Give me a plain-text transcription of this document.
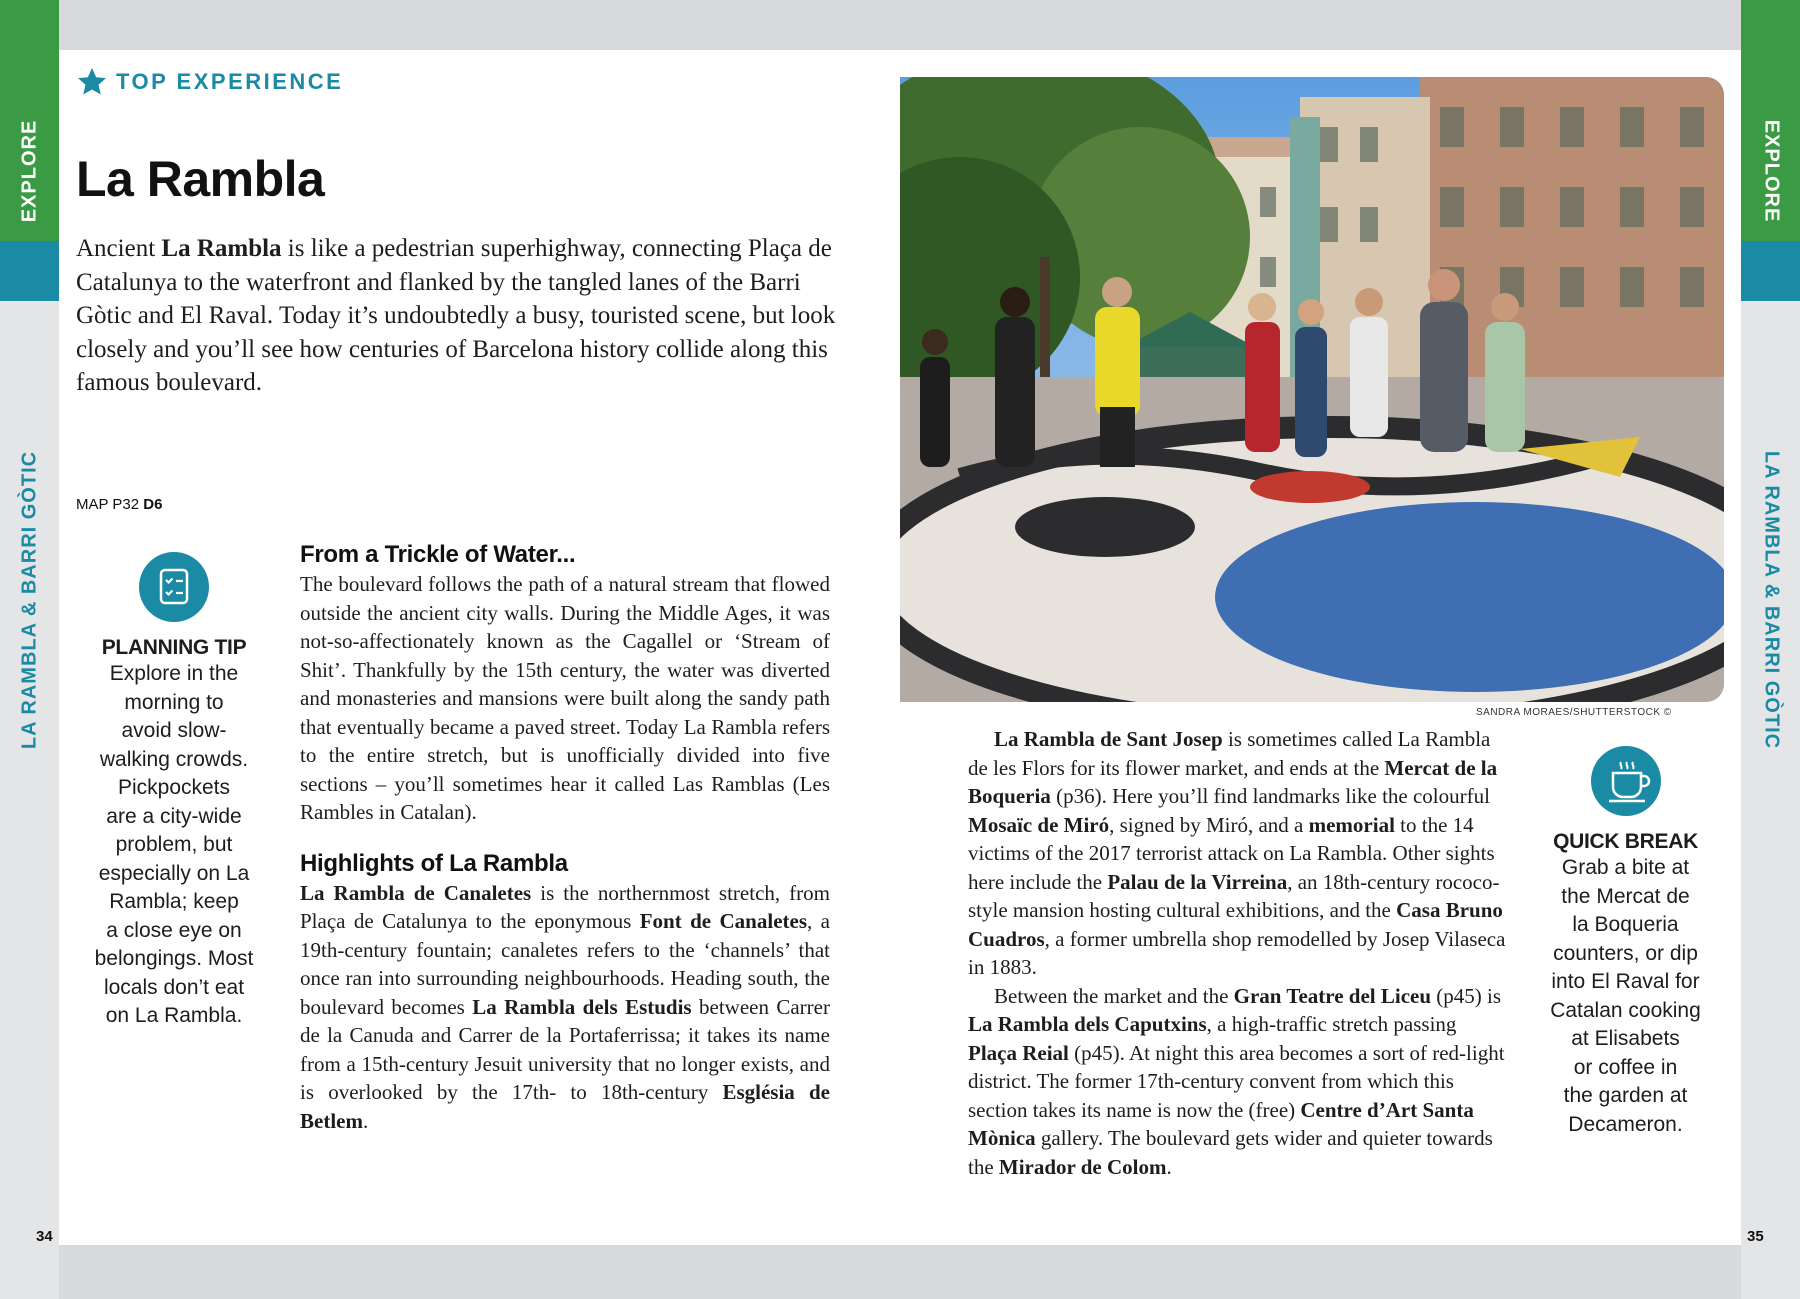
EXPLORE
LA RAMBLA & BARRI GÒTIC
EXPLORE
LA RAMBLA & BARRI GÒTIC
34	35
TOP EXPERIENCE
La Rambla

Ancient La Rambla is like a pedestrian superhighway, connecting Plaça de Catalunya to the waterfront and flanked by the tangled lanes of the Barri Gòtic and El Raval. Today it’s undoubtedly a busy, touristed scene, but look closely and you’ll see how centuries of Barcelona history collide along this famous boulevard.

MAP P32 D6
PLANNING TIP
Explore in the
morning to
avoid slow-
walking crowds.
Pickpockets
are a city-wide
problem, but
especially on La
Rambla; keep
a close eye on
belongings. Most
locals don’t eat
on La Rambla.
From a Trickle of Water...

The boulevard follows the path of a natural stream that flowed outside the ancient city walls. During the Middle Ages, it was not-so-affectionately known as the Cagallel or ‘Stream of Shit’. Thankfully by the 15th century, the water was diverted and monasteries and mansions were built along the sandy path that eventually became a paved street. Today La Rambla refers to the entire stretch, but is unofficially divided into five sections – you’ll sometimes hear it called Las Ramblas (Les Rambles in Catalan).

Highlights of La Rambla

La Rambla de Canaletes is the northernmost stretch, from Plaça de Catalunya to the eponymous Font de Canaletes, a 19th-century fountain; canaletes refers to the ‘channels’ that once ran into surrounding neighbourhoods. Heading south, the boulevard becomes La Rambla dels Estudis between Carrer de la Canuda and Carrer de la Portaferrissa; it takes its name from a 15th-century Jesuit university that no longer exists, and is overlooked by the 17th- to 18th-century Església de Betlem.

SANDRA MORAES/SHUTTERSTOCK ©

La Rambla de Sant Josep is sometimes called La Rambla de les Flors for its flower market, and ends at the Mercat de la Boqueria (p36). Here you’ll find landmarks like the colourful Mosaïc de Miró, signed by Miró, and a memorial to the 14 victims of the 2017 terrorist attack on La Rambla. Other sights here include the Palau de la Virreina, an 18th-century rococo-style mansion hosting cultural exhibitions, and the Casa Bruno Cuadros, a former umbrella shop remodelled by Josep Vilaseca in 1883.

Between the market and the Gran Teatre del Liceu (p45) is La Rambla dels Caputxins, a high-traffic stretch passing Plaça Reial (p45). At night this area becomes a sort of red-light district. The former 17th-century convent from which this section takes its name is now the (free) Centre d’Art Santa Mònica gallery. The boulevard gets wider and quieter towards the Mirador de Colom.

QUICK BREAK
Grab a bite at
the Mercat de
la Boqueria
counters, or dip
into El Raval for
Catalan cooking
at Elisabets
or coffee in
the garden at
Decameron.
